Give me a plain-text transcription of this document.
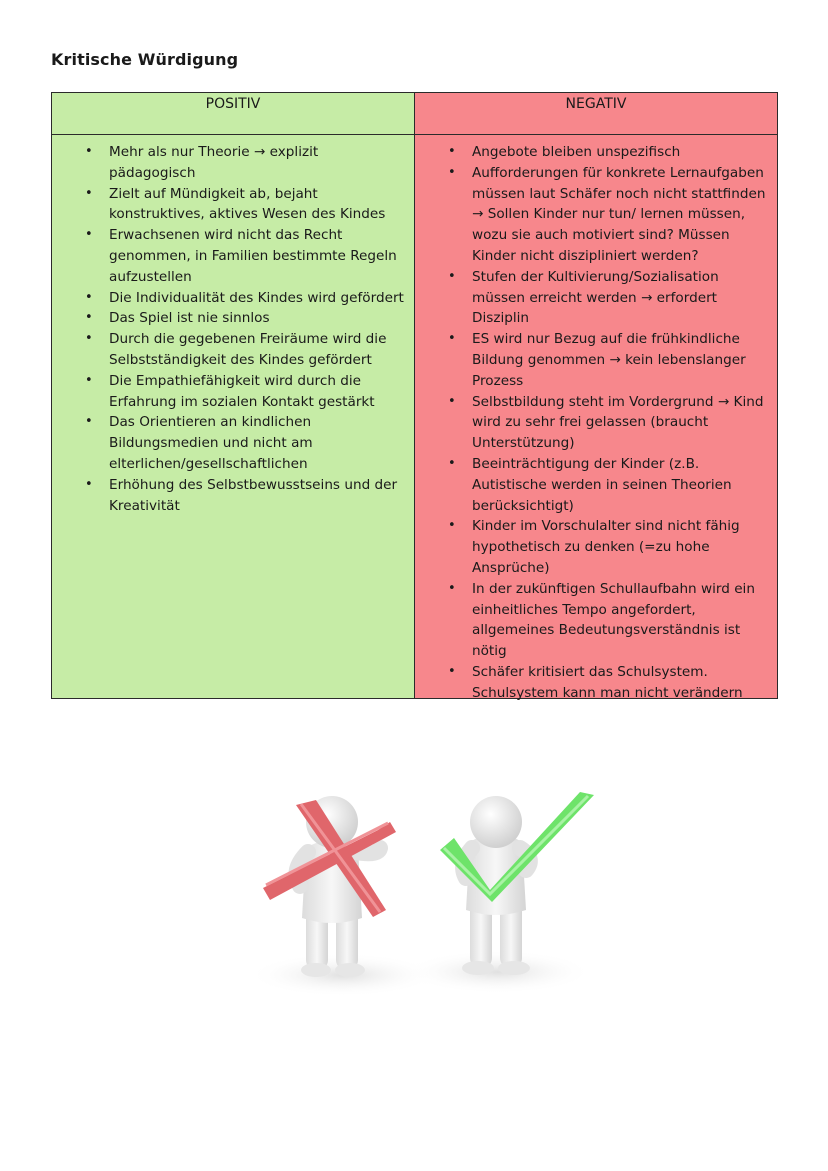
Kritische Würdigung
POSITIV
• Mehr als nur Theorie → explizit pädagogisch
• Zielt auf Mündigkeit ab, bejaht konstruktives, aktives Wesen des Kindes
• Erwachsenen wird nicht das Recht genommen, in Familien bestimmte Regeln aufzustellen
• Die Individualität des Kindes wird gefördert
• Das Spiel ist nie sinnlos
• Durch die gegebenen Freiräume wird die Selbstständigkeit des Kindes gefördert
• Die Empathiefähigkeit wird durch die Erfahrung im sozialen Kontakt gestärkt
• Das Orientieren an kindlichen Bildungsmedien und nicht am elterlichen/gesellschaftlichen
• Erhöhung des Selbstbewusstseins und der Kreativität
NEGATIV
• Angebote bleiben unspezifisch
• Aufforderungen für konkrete Lernaufgaben müssen laut Schäfer noch nicht stattfinden → Sollen Kinder nur tun/ lernen müssen, wozu sie auch motiviert sind? Müssen Kinder nicht diszipliniert werden?
• Stufen der Kultivierung/Sozialisation müssen erreicht werden → erfordert Disziplin
• ES wird nur Bezug auf die frühkindliche Bildung genommen → kein lebenslanger Prozess
• Selbstbildung steht im Vordergrund → Kind wird zu sehr frei gelassen (braucht Unterstützung)
• Beeinträchtigung der Kinder (z.B. Autistische werden in seinen Theorien berücksichtigt)
• Kinder im Vorschulalter sind nicht fähig hypothetisch zu denken (=zu hohe Ansprüche)
• In der zukünftigen Schullaufbahn wird ein einheitliches Tempo angefordert, allgemeines Bedeutungsverständnis ist nötig
• Schäfer kritisiert das Schulsystem. Schulsystem kann man nicht verändern
